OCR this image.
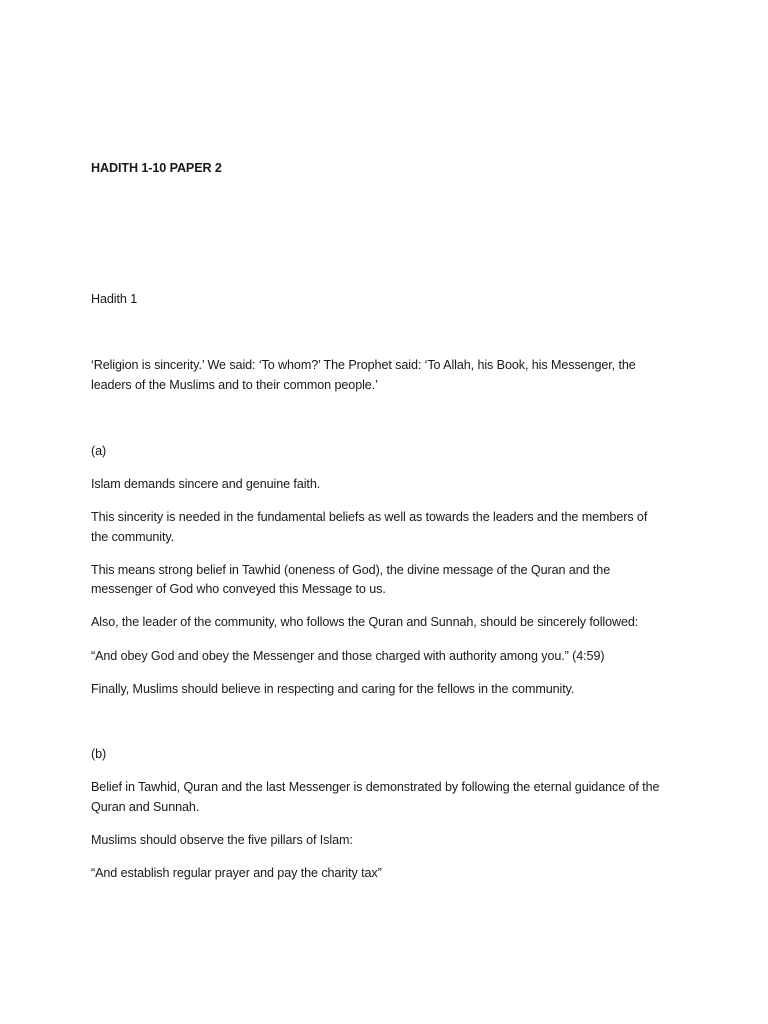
HADITH 1-10 PAPER 2
Hadith 1
‘Religion is sincerity.’ We said: ‘To whom?’ The Prophet said: ‘To Allah, his Book, his Messenger, the
leaders of the Muslims and to their common people.’
(a)
Islam demands sincere and genuine faith.
This sincerity is needed in the fundamental beliefs as well as towards the leaders and the members of
the community.
This means strong belief in Tawhid (oneness of God), the divine message of the Quran and the
messenger of God who conveyed this Message to us.
Also, the leader of the community, who follows the Quran and Sunnah, should be sincerely followed:
“And obey God and obey the Messenger and those charged with authority among you.” (4:59)
Finally, Muslims should believe in respecting and caring for the fellows in the community.
(b)
Belief in Tawhid, Quran and the last Messenger is demonstrated by following the eternal guidance of the
Quran and Sunnah.
Muslims should observe the five pillars of Islam:
“And establish regular prayer and pay the charity tax”
